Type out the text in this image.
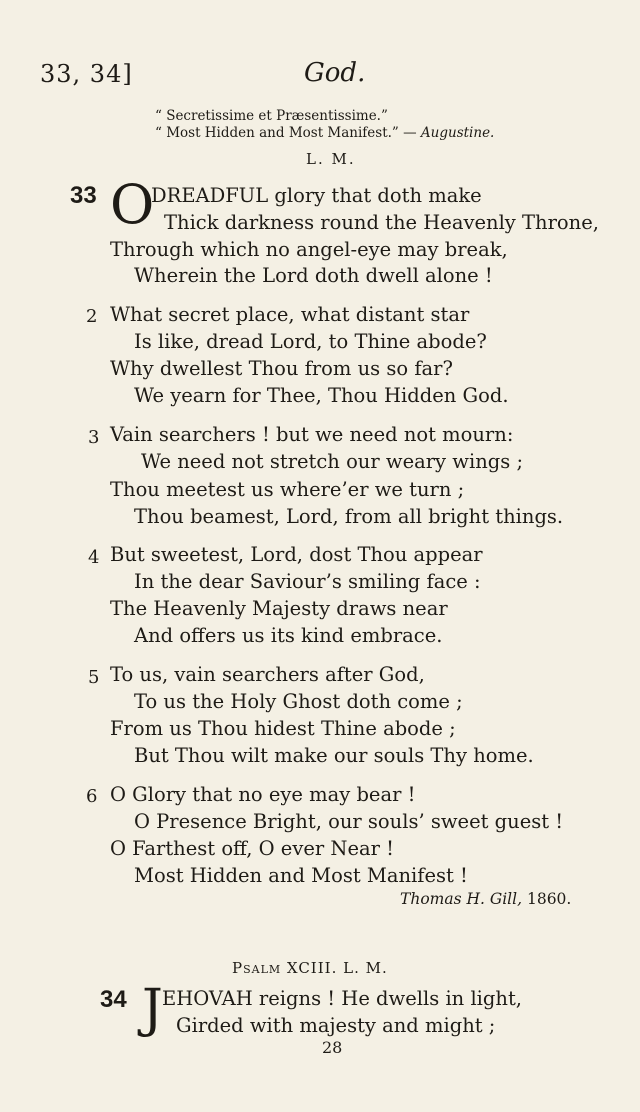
33, 34]	God.
“ Secretissime et Præsentissime.”
“ Most Hidden and Most Manifest.” — Augustine.
L. M.
33 O
DREADFUL glory that doth make
Thick darkness round the Heavenly Throne,
Through which no angel-eye may break,
Wherein the Lord doth dwell alone !
2 What secret place, what distant star
Is like, dread Lord, to Thine abode?
Why dwellest Thou from us so far?
We yearn for Thee, Thou Hidden God.
3 Vain searchers ! but we need not mourn:
We need not stretch our weary wings ;
Thou meetest us where’er we turn ;
Thou beamest, Lord, from all bright things.
4 But sweetest, Lord, dost Thou appear
In the dear Saviour’s smiling face :
The Heavenly Majesty draws near
And offers us its kind embrace.
5 To us, vain searchers after God,
To us the Holy Ghost doth come ;
From us Thou hidest Thine abode ;
But Thou wilt make our souls Thy home.
6 O Glory that no eye may bear !
O Presence Bright, our souls’ sweet guest !
O Farthest off, O ever Near !
Most Hidden and Most Manifest !
Thomas H. Gill, 1860.
Psalm XCIII. L. M.
34 J EHOVAH reigns ! He dwells in light,
Girded with majesty and might ;
28
